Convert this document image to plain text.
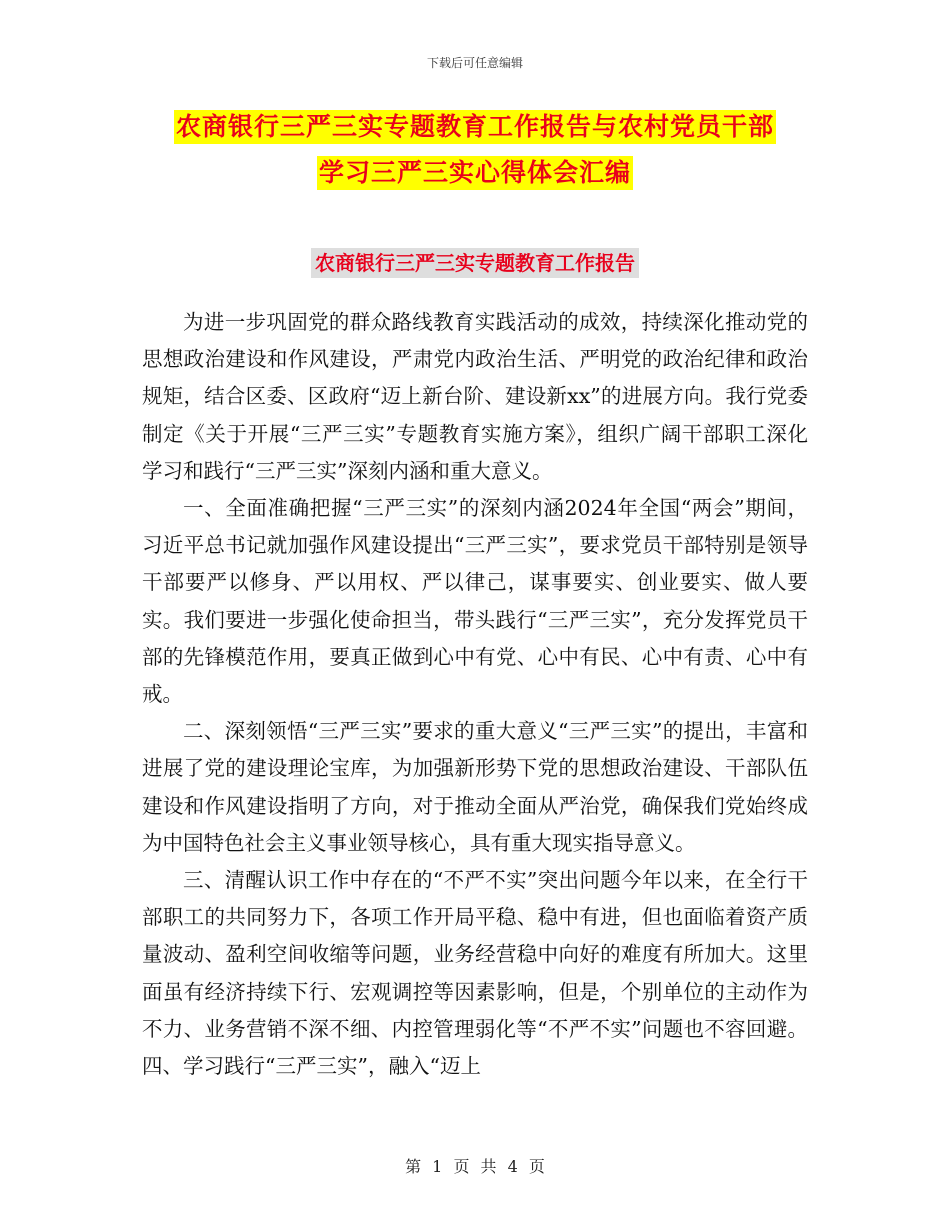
下载后可任意编辑
农商银行三严三实专题教育工作报告与农村党员干部
学习三严三实心得体会汇编
农商银行三严三实专题教育工作报告

为进一步巩固党的群众路线教育实践活动的成效，持续深化推动党的思想政治建设和作风建设，严肃党内政治生活、严明党的政治纪律和政治规矩，结合区委、区政府“迈上新台阶、建设新xx”的进展方向。我行党委制定《关于开展“三严三实”专题教育实施方案》，组织广阔干部职工深化学习和践行“三严三实”深刻内涵和重大意义。

一、全面准确把握“三严三实”的深刻内涵2024年全国“两会”期间，习近平总书记就加强作风建设提出“三严三实”，要求党员干部特别是领导干部要严以修身、严以用权、严以律己，谋事要实、创业要实、做人要实。我们要进一步强化使命担当，带头践行“三严三实”，充分发挥党员干部的先锋模范作用，要真正做到心中有党、心中有民、心中有责、心中有戒。

二、深刻领悟“三严三实”要求的重大意义“三严三实”的提出，丰富和进展了党的建设理论宝库，为加强新形势下党的思想政治建设、干部队伍建设和作风建设指明了方向，对于推动全面从严治党，确保我们党始终成为中国特色社会主义事业领导核心，具有重大现实指导意义。

三、清醒认识工作中存在的“不严不实”突出问题今年以来，在全行干部职工的共同努力下，各项工作开局平稳、稳中有进，但也面临着资产质量波动、盈利空间收缩等问题，业务经营稳中向好的难度有所加大。这里面虽有经济持续下行、宏观调控等因素影响，但是，个别单位的主动作为不力、业务营销不深不细、内控管理弱化等“不严不实”问题也不容回避。四、学习践行“三严三实”，融入“迈上

第 1 页 共 4 页
